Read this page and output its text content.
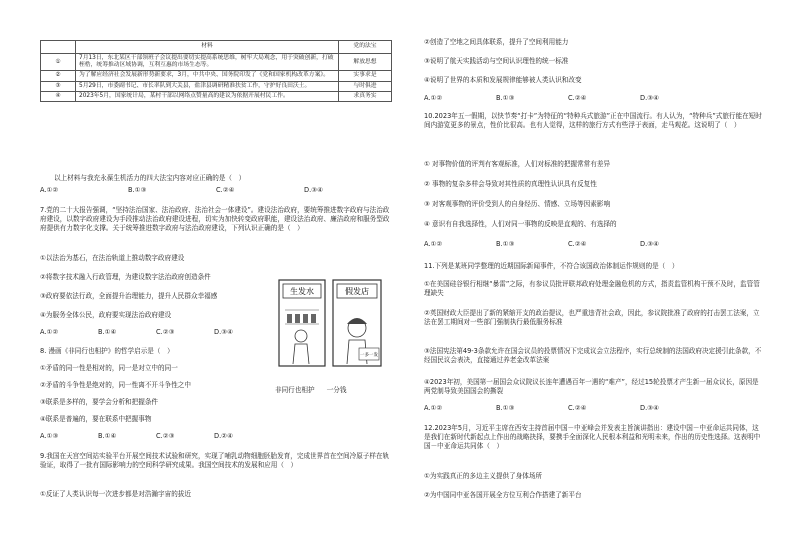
	材料	党的法宝
①	7月13日，东北某区干部领班子会议提出要切实提高系统思维，树牢大局观念，用于突破创新，打破桎梏，统筹推动区域协调，互利互惠的市场生态等。	解放思想
②	为了解应经济社会发展新形势新要求，3月，中共中央、国务院印发了《党和国家机构改革方案》。	实事求是
③	5月29日，市委副书记、市长率队到大关县，盐津县调研精准扶贫工作，守护好良田沃土。	与时俱进
④	2023年5月，国家统计局，某村干部以网络点赞量高的建议为依据开展村民工作。	求真务实
以上材料与我充永葆生机活力的四大法宝内容对应正确的是（　）
A.①②	B.①③	C.②④	D.③④
7.党的二十大报告强调，“坚持法治国家、法治政府、法治社会一体建设”。建设法治政府，要统筹推进数字政府与法治政府建设，以数字政府建设为手段推动法治政府建设进程，切实为加快转变政府职能，建设法治政府、廉洁政府和服务型政府提供有力数字化支撑。关于统筹推进数字政府与法治政府建设，下列认识正确的是（　）
①以法治为基石，在法治轨道上推动数字政府建设
②将数字技术融入行政管理，为建设数字法治政府创造条件
③政府要依法行政，全面提升治理能力，提升人民群众幸福感
④为服务全体公民，政府要实现法治政府建设
A.①②	B.①④	C.②③	D.③④
8. 漫画《非同行也相护》的哲学启示是（　）
①矛盾的同一性是相对的，同一是对立中的同一
②矛盾的斗争性是绝对的，同一性离不开斗争性之中
③联系是多样的，要学会分析和把握条件
④联系是普遍的，要在联系中把握事物
A.①③	B.①④	C.②③	D.②④
生发水	假发店
一多一发
非同行也相护 一分钱
9.我国在天宫空间站实验平台开展空间技术试验和研究，实现了哺乳动物细胞胚胎发育，完成世界首在空间冷原子样在轨验证，取得了一批有国际影响力的空间科学研究成果。我国空间技术的发展和应用（　）
①反证了人类认识每一次进步都是对浩瀚宇宙的拔近
②创造了空地之间具体联系，提升了空间利用能力
③说明了航天实践活动与空间认识理性的统一标准
④说明了世界的本质和发展规律能够被人类认识和改变
A.①②	B.①③	C.②④	D.③④
10.2023年五一假期，以快节奏“打卡”为特征的“特种兵式旅游”正在中国流行。有人认为，“特种兵”式旅行能在短时间内游览更多的景点，性价比很高。也有人觉得，这样的旅行方式有些浮于表面，走马观花。这说明了（　）
① 对事物价值的评判有客观标准，人们对标准的把握常常有差异
② 事物的复杂多样会导致对其性质的真理性认识具有反复性
③ 对客观事物的评价受到人的自身经历、情感、立场等因素影响
④ 意识有自我选择性，人们对同一事物的反映是直观的、有选择的
A.①②	B.①③	C.②④	D.③④
11.下列是某班同学整理的近期国际新闻事件，不符合该国政治体制运作规则的是（　）
①在美国硅谷银行相继“暴雷”之际，有参议员批评联邦政府处理金融危机的方式，指责监管机构干预不及时，监管管理缺失
②英国财政大臣提出了新的紧缩开支的政治提议，也严重违背社会政，因此，参议院批准了政府的打击罢工法案，立法在罢工期间对一些部门强制执行最低服务标准
③法国宪法第49-3条款允许在国会议员的投票情况下完成议会立法程序，实行总统制的法国政府决定援引此条款，不经国民议会表决，直接通过养老金改革法案
④2023年初，美国第一届国会众议院议长连年遭遇百年一遇的“难产”，经过15轮投票才产生新一届众议长，原因是两党制导致美国国会的撕裂
A.①②	B.①③	C.②④	D.③④
12.2023年5月，习近平主席在西安主持首届中国－中亚峰会并发表主旨演讲指出：建设中国－中亚命运共同体，这是我们在新时代新起点上作出的战略抉择，要携手全面深化人民根本利益和光明未来，作出的历史性选择。这表明中国－中亚命运共同体（　）
①为实践真正的多边主义提供了身体场所
②为中国同中亚各国开展全方位互利合作搭建了新平台
